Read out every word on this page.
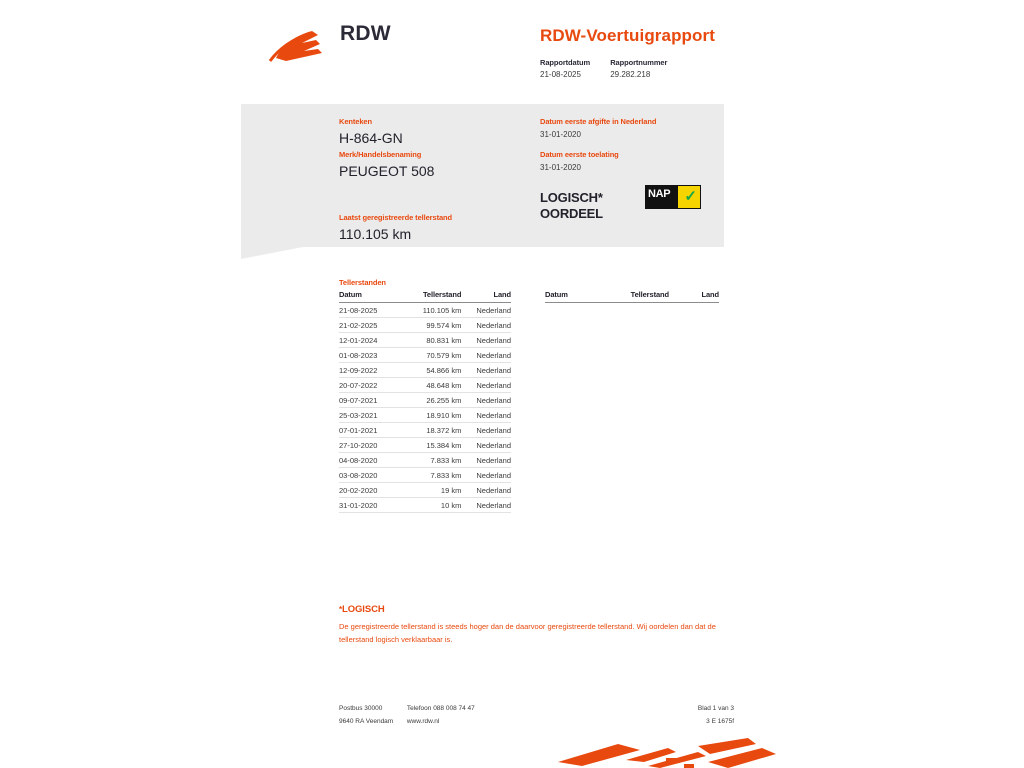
RDW	RDW-Voertuigrapport
Rapportdatum
21-08-2025

Rapportnummer
29.282.218
Kenteken
H-864-GN
Merk/Handelsbenaming
PEUGEOT 508
Laatst geregistreerde tellerstand
110.105 km
Datum eerste afgifte in Nederland
31-01-2020
Datum eerste toelating
31-01-2020
LOGISCH*
OORDEEL
NAP ✓
Tellerstanden
Datum	Tellerstand	Land
21-08-2025	110.105 km	Nederland
21-02-2025	99.574 km	Nederland
12-01-2024	80.831 km	Nederland
01-08-2023	70.579 km	Nederland
12-09-2022	54.866 km	Nederland
20-07-2022	48.648 km	Nederland
09-07-2021	26.255 km	Nederland
25-03-2021	18.910 km	Nederland
07-01-2021	18.372 km	Nederland
27-10-2020	15.384 km	Nederland
04-08-2020	7.833 km	Nederland
03-08-2020	7.833 km	Nederland
20-02-2020	19 km	Nederland
31-01-2020	10 km	Nederland
Datum	Tellerstand	Land
*LOGISCH
De geregistreerde tellerstand is steeds hoger dan de daarvoor geregistreerde tellerstand. Wij oordelen dan dat de tellerstand logisch verklaarbaar is.
Postbus 30000
9640 RA Veendam

Telefoon 088 008 74 47
www.rdw.nl
Blad 1 van 3
3 E 1675f
